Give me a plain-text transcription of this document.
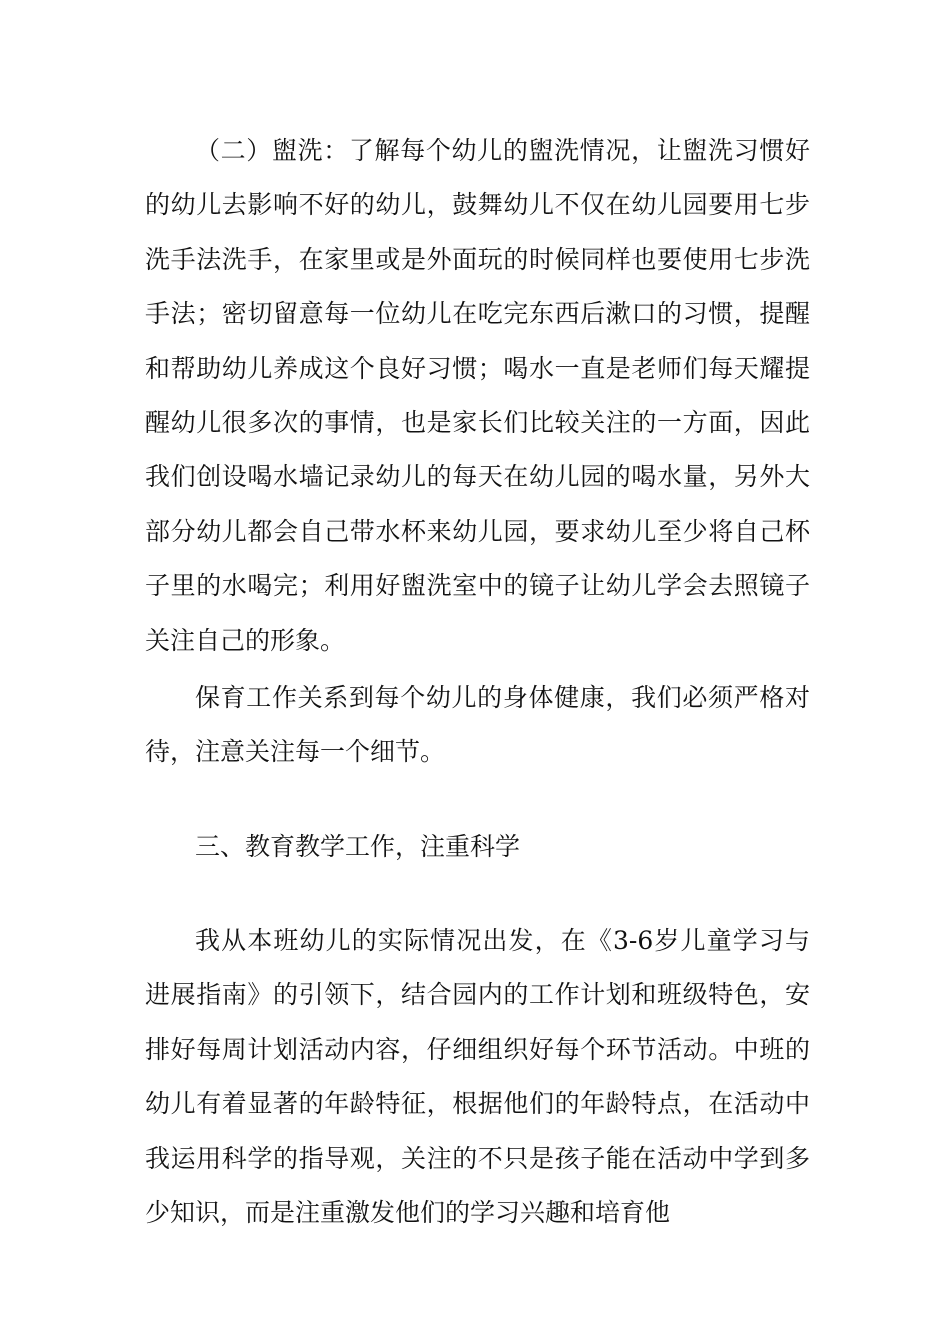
（二）盥洗：了解每个幼儿的盥洗情况，让盥洗习惯好的幼儿去影响不好的幼儿，鼓舞幼儿不仅在幼儿园要用七步洗手法洗手，在家里或是外面玩的时候同样也要使用七步洗手法；密切留意每一位幼儿在吃完东西后漱口的习惯，提醒和帮助幼儿养成这个良好习惯；喝水一直是老师们每天耀提醒幼儿很多次的事情，也是家长们比较关注的一方面，因此我们创设喝水墙记录幼儿的每天在幼儿园的喝水量，另外大部分幼儿都会自己带水杯来幼儿园，要求幼儿至少将自己杯子里的水喝完；利用好盥洗室中的镜子让幼儿学会去照镜子关注自己的形象。

保育工作关系到每个幼儿的身体健康，我们必须严格对待，注意关注每一个细节。

三、教育教学工作，注重科学

我从本班幼儿的实际情况出发，在《3-6岁儿童学习与进展指南》的引领下，结合园内的工作计划和班级特色，安排好每周计划活动内容，仔细组织好每个环节活动。中班的幼儿有着显著的年龄特征，根据他们的年龄特点，在活动中我运用科学的指导观，关注的不只是孩子能在活动中学到多少知识，而是注重激发他们的学习兴趣和培育他
